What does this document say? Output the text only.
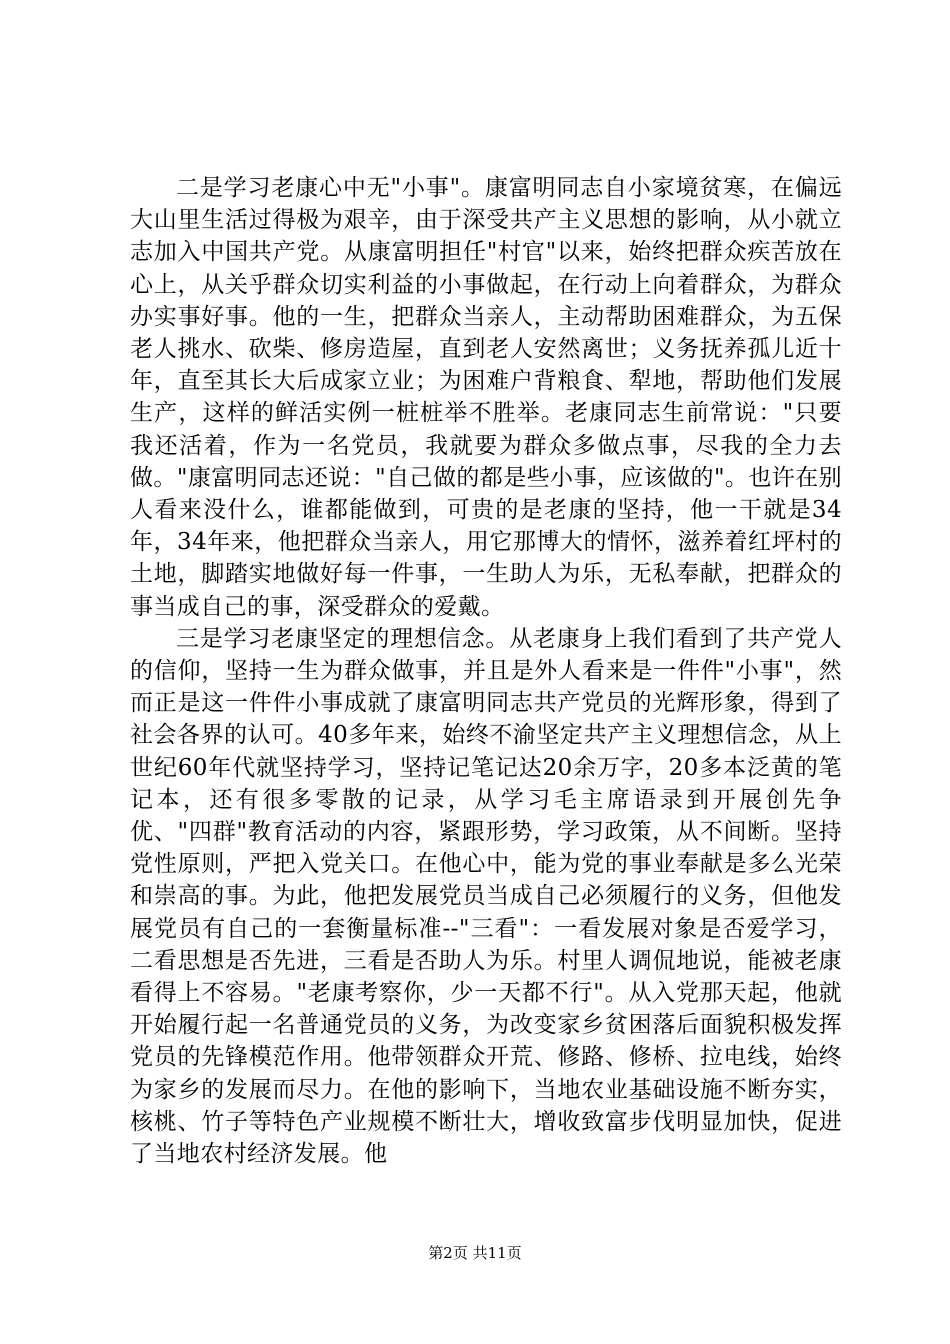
二是学习老康心中无"小事"。康富明同志自小家境贫寒，在偏远大山里生活过得极为艰辛，由于深受共产主义思想的影响，从小就立志加入中国共产党。从康富明担任"村官"以来，始终把群众疾苦放在心上，从关乎群众切实利益的小事做起，在行动上向着群众，为群众办实事好事。他的一生，把群众当亲人，主动帮助困难群众，为五保老人挑水、砍柴、修房造屋，直到老人安然离世；义务抚养孤儿近十年，直至其长大后成家立业；为困难户背粮食、犁地，帮助他们发展生产，这样的鲜活实例一桩桩举不胜举。老康同志生前常说："只要我还活着，作为一名党员，我就要为群众多做点事，尽我的全力去做。"康富明同志还说："自己做的都是些小事，应该做的"。也许在别人看来没什么，谁都能做到，可贵的是老康的坚持，他一干就是34年，34年来，他把群众当亲人，用它那博大的情怀，滋养着红坪村的土地，脚踏实地做好每一件事，一生助人为乐，无私奉献，把群众的事当成自己的事，深受群众的爱戴。

三是学习老康坚定的理想信念。从老康身上我们看到了共产党人的信仰，坚持一生为群众做事，并且是外人看来是一件件"小事"，然而正是这一件件小事成就了康富明同志共产党员的光辉形象，得到了社会各界的认可。40多年来，始终不渝坚定共产主义理想信念，从上世纪60年代就坚持学习，坚持记笔记达20余万字，20多本泛黄的笔记本，还有很多零散的记录，从学习毛主席语录到开展创先争优、"四群"教育活动的内容，紧跟形势，学习政策，从不间断。坚持党性原则，严把入党关口。在他心中，能为党的事业奉献是多么光荣和崇高的事。为此，他把发展党员当成自己必须履行的义务，但他发展党员有自己的一套衡量标准--"三看"：一看发展对象是否爱学习，二看思想是否先进，三看是否助人为乐。村里人调侃地说，能被老康看得上不容易。"老康考察你，少一天都不行"。从入党那天起，他就开始履行起一名普通党员的义务，为改变家乡贫困落后面貌积极发挥党员的先锋模范作用。他带领群众开荒、修路、修桥、拉电线，始终为家乡的发展而尽力。在他的影响下，当地农业基础设施不断夯实，核桃、竹子等特色产业规模不断壮大，增收致富步伐明显加快，促进了当地农村经济发展。他

第2页 共11页
